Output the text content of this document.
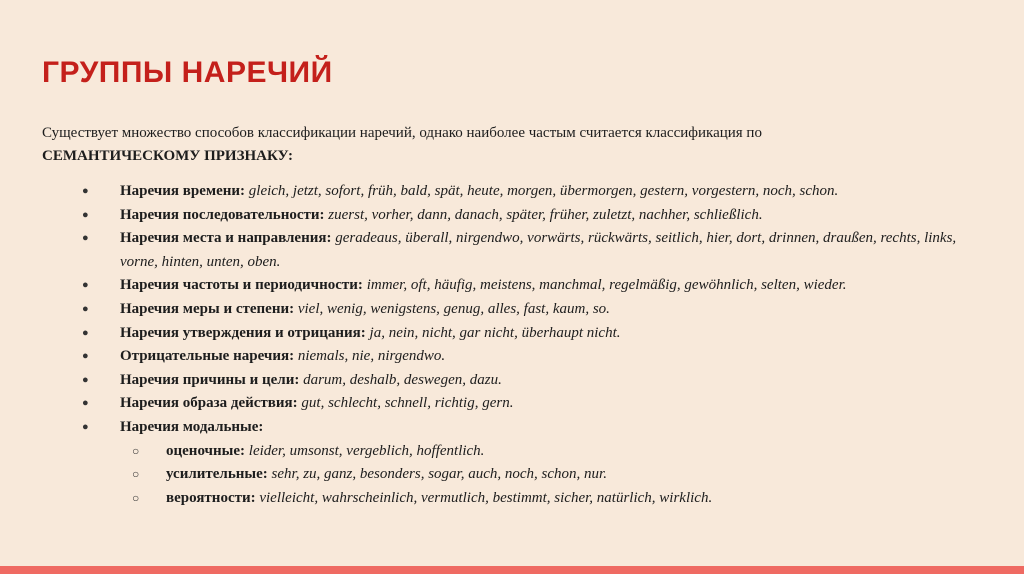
ГРУППЫ НАРЕЧИЙ
Существует множество способов классификации наречий, однако наиболее частым считается классификация по
СЕМАНТИЧЕСКОМУ ПРИЗНАКУ:
● Наречия времени: gleich, jetzt, sofort, früh, bald, spät, heute, morgen, übermorgen, gestern, vorgestern, noch, schon.
● Наречия последовательности: zuerst, vorher, dann, danach, später, früher, zuletzt, nachher, schließlich.
● Наречия места и направления: geradeaus, überall, nirgendwo, vorwärts, rückwärts, seitlich, hier, dort, drinnen, draußen, rechts, links, vorne, hinten, unten, oben.
● Наречия частоты и периодичности: immer, oft, häufig, meistens, manchmal, regelmäßig, gewöhnlich, selten, wieder.
● Наречия меры и степени: viel, wenig, wenigstens, genug, alles, fast, kaum, so.
● Наречия утверждения и отрицания: ja, nein, nicht, gar nicht, überhaupt nicht.
● Отрицательные наречия: niemals, nie, nirgendwo.
● Наречия причины и цели: darum, deshalb, deswegen, dazu.
● Наречия образа действия: gut, schlecht, schnell, richtig, gern.
● Наречия модальные:
○ оценочные: leider, umsonst, vergeblich, hoffentlich.
○ усилительные: sehr, zu, ganz, besonders, sogar, auch, noch, schon, nur.
○ вероятности: vielleicht, wahrscheinlich, vermutlich, bestimmt, sicher, natürlich, wirklich.
